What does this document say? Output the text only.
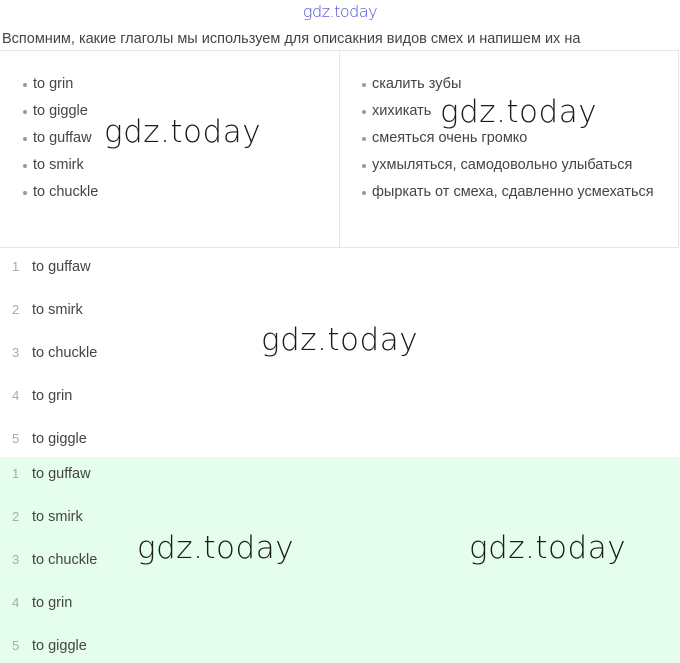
gdz.today
Вспомним, какие глаголы мы используем для описакния видов смех и напишем их на
to grin
to giggle
to guffaw
to smirk
to chuckle
скалить зубы
хихикать
смеяться очень громко
ухмыляться, самодовольно улыбаться
фыркать от смеха, сдавленно усмехаться
1 to guffaw
2 to smirk
3 to chuckle
4 to grin
5 to giggle
1 to guffaw
2 to smirk
3 to chuckle
4 to grin
5 to giggle
gdz.today
gdz.today
gdz.today
gdz.today	gdz.today
